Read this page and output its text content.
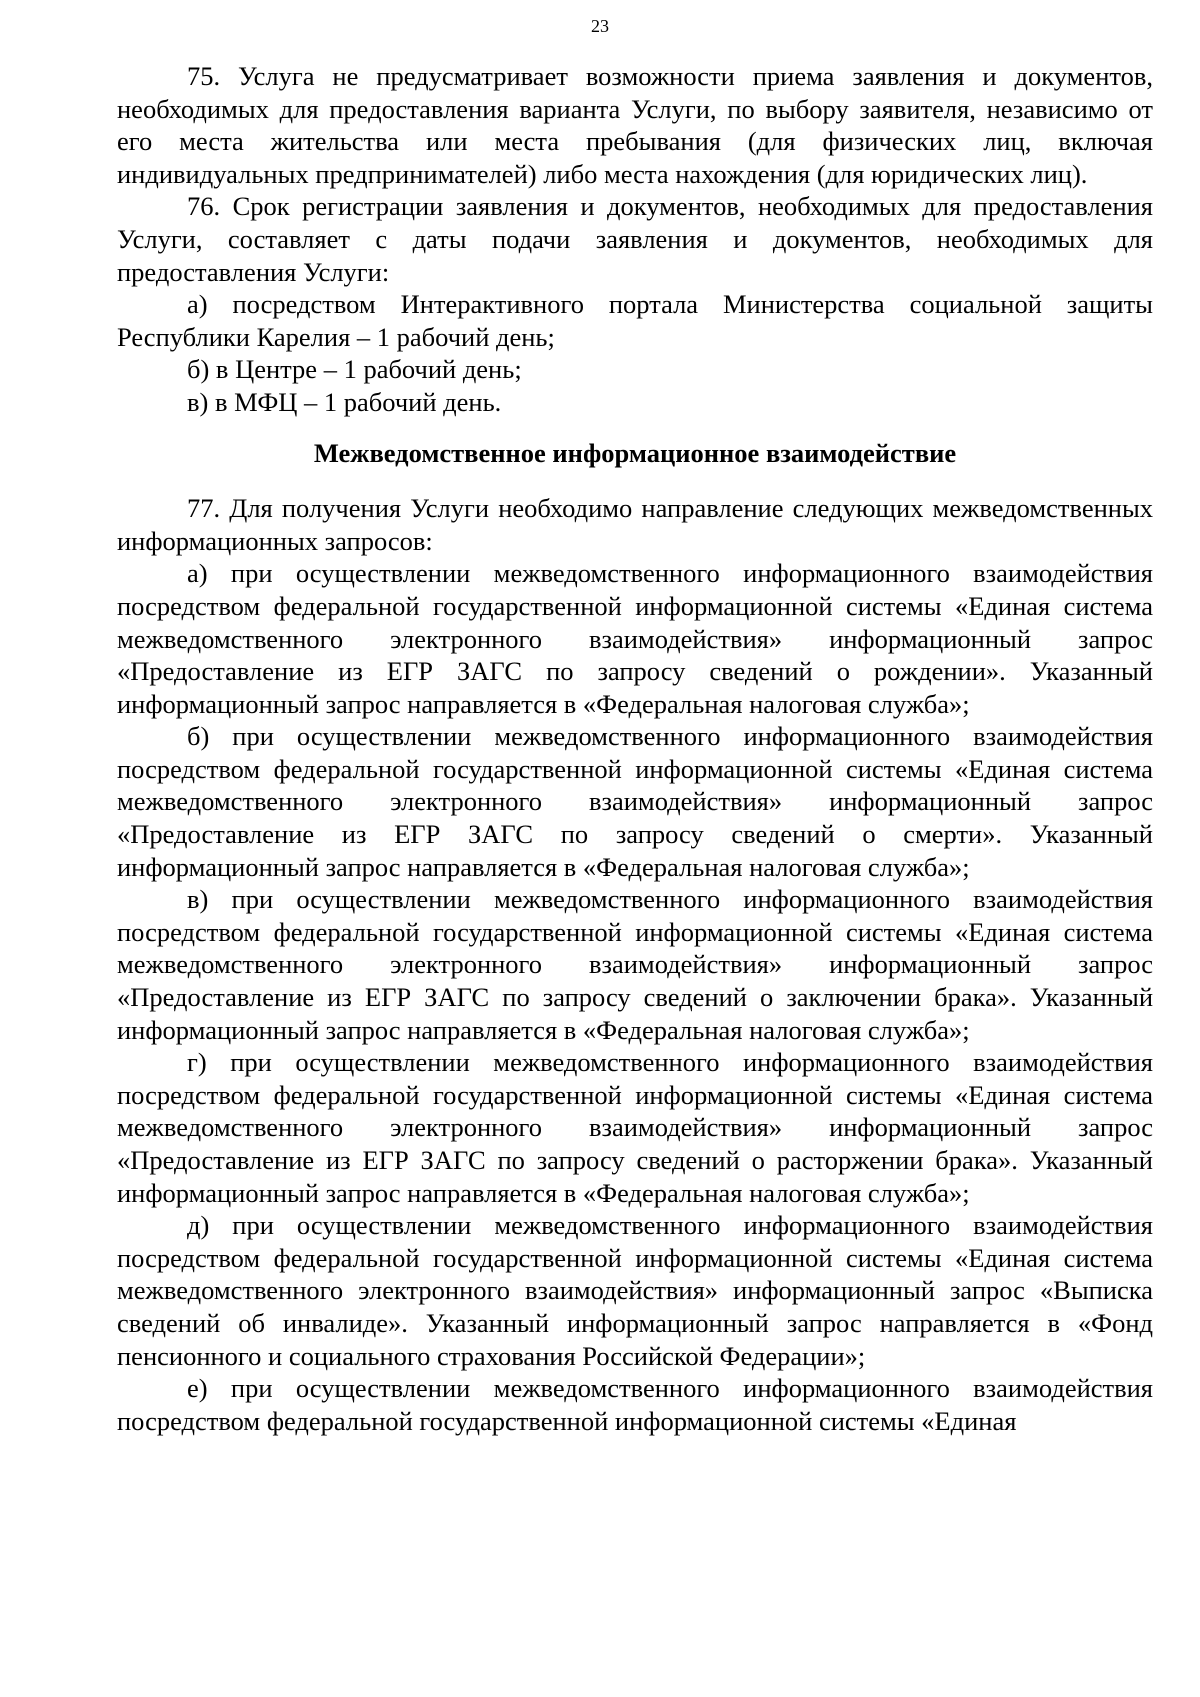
23

75. Услуга не предусматривает возможности приема заявления и документов, необходимых для предоставления варианта Услуги, по выбору заявителя, независимо от его места жительства или места пребывания (для физических лиц, включая индивидуальных предпринимателей) либо места нахождения (для юридических лиц).

76. Срок регистрации заявления и документов, необходимых для предоставления Услуги, составляет с даты подачи заявления и документов, необходимых для предоставления Услуги:

а) посредством Интерактивного портала Министерства социальной защиты Республики Карелия – 1 рабочий день;

б) в Центре – 1 рабочий день;

в) в МФЦ – 1 рабочий день.

Межведомственное информационное взаимодействие

77. Для получения Услуги необходимо направление следующих межведомственных информационных запросов:

а) при осуществлении межведомственного информационного взаимодействия посредством федеральной государственной информационной системы «Единая система межведомственного электронного взаимодействия» информационный запрос «Предоставление из ЕГР ЗАГС по запросу сведений о рождении». Указанный информационный запрос направляется в «Федеральная налоговая служба»;

б) при осуществлении межведомственного информационного взаимодействия посредством федеральной государственной информационной системы «Единая система межведомственного электронного взаимодействия» информационный запрос «Предоставление из ЕГР ЗАГС по запросу сведений о смерти». Указанный информационный запрос направляется в «Федеральная налоговая служба»;

в) при осуществлении межведомственного информационного взаимодействия посредством федеральной государственной информационной системы «Единая система межведомственного электронного взаимодействия» информационный запрос «Предоставление из ЕГР ЗАГС по запросу сведений о заключении брака». Указанный информационный запрос направляется в «Федеральная налоговая служба»;

г) при осуществлении межведомственного информационного взаимодействия посредством федеральной государственной информационной системы «Единая система межведомственного электронного взаимодействия» информационный запрос «Предоставление из ЕГР ЗАГС по запросу сведений о расторжении брака». Указанный информационный запрос направляется в «Федеральная налоговая служба»;

д) при осуществлении межведомственного информационного взаимодействия посредством федеральной государственной информационной системы «Единая система межведомственного электронного взаимодействия» информационный запрос «Выписка сведений об инвалиде». Указанный информационный запрос направляется в «Фонд пенсионного и социального страхования Российской Федерации»;

е) при осуществлении межведомственного информационного взаимодействия посредством федеральной государственной информационной системы «Единая
